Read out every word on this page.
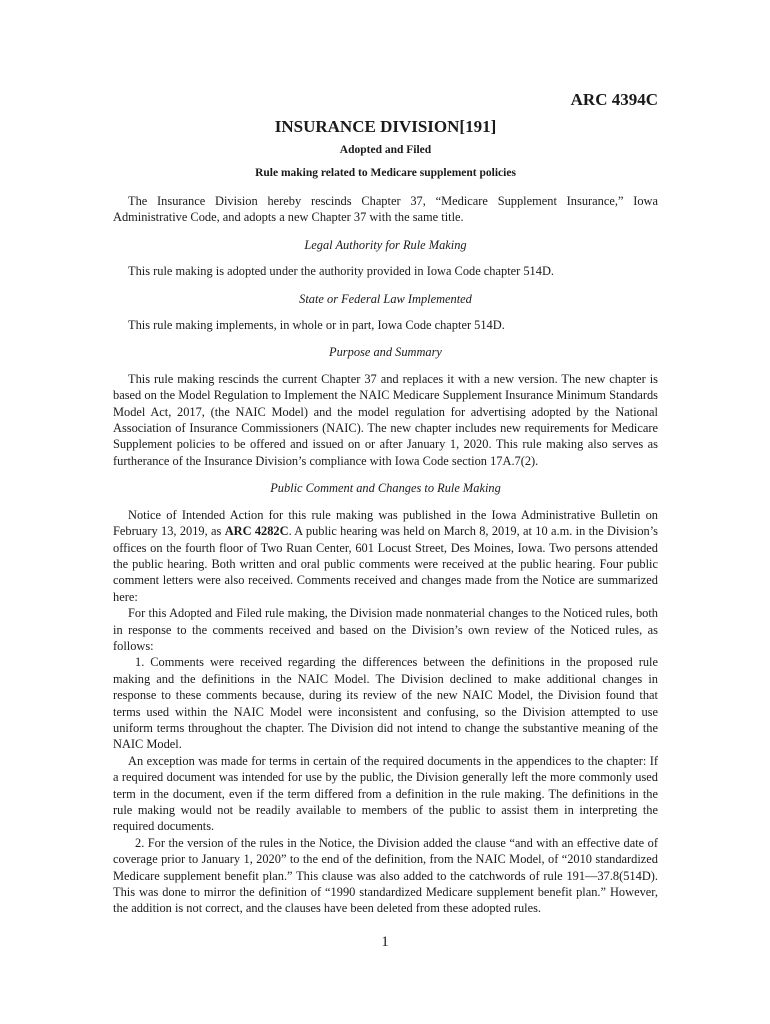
ARC 4394C
INSURANCE DIVISION[191]
Adopted and Filed
Rule making related to Medicare supplement policies

The Insurance Division hereby rescinds Chapter 37, “Medicare Supplement Insurance,” Iowa Administrative Code, and adopts a new Chapter 37 with the same title.

Legal Authority for Rule Making

This rule making is adopted under the authority provided in Iowa Code chapter 514D.

State or Federal Law Implemented

This rule making implements, in whole or in part, Iowa Code chapter 514D.

Purpose and Summary

This rule making rescinds the current Chapter 37 and replaces it with a new version. The new chapter is based on the Model Regulation to Implement the NAIC Medicare Supplement Insurance Minimum Standards Model Act, 2017, (the NAIC Model) and the model regulation for advertising adopted by the National Association of Insurance Commissioners (NAIC). The new chapter includes new requirements for Medicare Supplement policies to be offered and issued on or after January 1, 2020. This rule making also serves as furtherance of the Insurance Division’s compliance with Iowa Code section 17A.7(2).

Public Comment and Changes to Rule Making

Notice of Intended Action for this rule making was published in the Iowa Administrative Bulletin on February 13, 2019, as ARC 4282C. A public hearing was held on March 8, 2019, at 10 a.m. in the Division’s offices on the fourth floor of Two Ruan Center, 601 Locust Street, Des Moines, Iowa. Two persons attended the public hearing. Both written and oral public comments were received at the public hearing. Four public comment letters were also received. Comments received and changes made from the Notice are summarized here:

For this Adopted and Filed rule making, the Division made nonmaterial changes to the Noticed rules, both in response to the comments received and based on the Division’s own review of the Noticed rules, as follows:

1. Comments were received regarding the differences between the definitions in the proposed rule making and the definitions in the NAIC Model. The Division declined to make additional changes in response to these comments because, during its review of the new NAIC Model, the Division found that terms used within the NAIC Model were inconsistent and confusing, so the Division attempted to use uniform terms throughout the chapter. The Division did not intend to change the substantive meaning of the NAIC Model.

An exception was made for terms in certain of the required documents in the appendices to the chapter: If a required document was intended for use by the public, the Division generally left the more commonly used term in the document, even if the term differed from a definition in the rule making. The definitions in the rule making would not be readily available to members of the public to assist them in interpreting the required documents.

2. For the version of the rules in the Notice, the Division added the clause “and with an effective date of coverage prior to January 1, 2020” to the end of the definition, from the NAIC Model, of “2010 standardized Medicare supplement benefit plan.” This clause was also added to the catchwords of rule 191—37.8(514D). This was done to mirror the definition of “1990 standardized Medicare supplement benefit plan.” However, the addition is not correct, and the clauses have been deleted from these adopted rules.

1
